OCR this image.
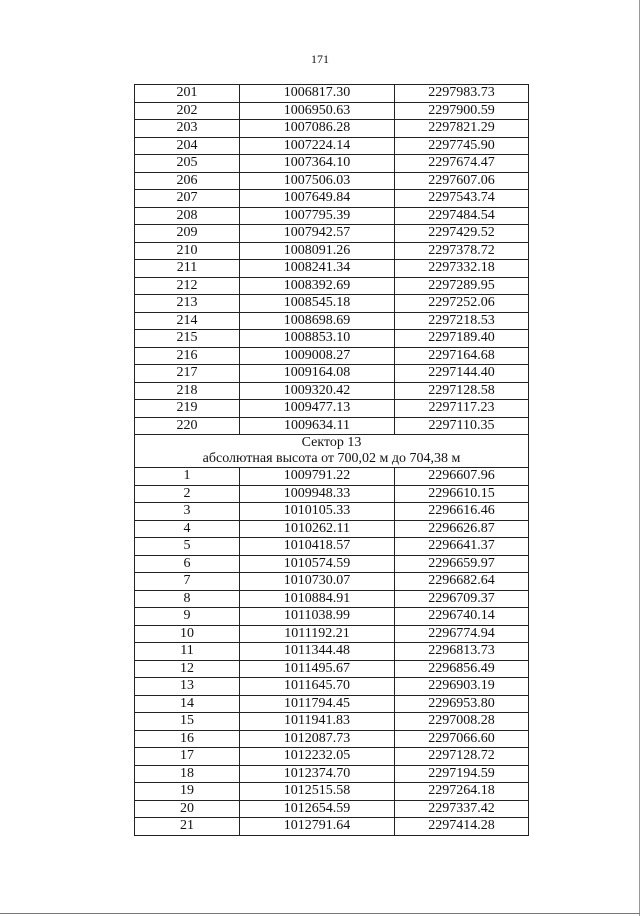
171
201	1006817.30	2297983.73
202	1006950.63	2297900.59
203	1007086.28	2297821.29
204	1007224.14	2297745.90
205	1007364.10	2297674.47
206	1007506.03	2297607.06
207	1007649.84	2297543.74
208	1007795.39	2297484.54
209	1007942.57	2297429.52
210	1008091.26	2297378.72
211	1008241.34	2297332.18
212	1008392.69	2297289.95
213	1008545.18	2297252.06
214	1008698.69	2297218.53
215	1008853.10	2297189.40
216	1009008.27	2297164.68
217	1009164.08	2297144.40
218	1009320.42	2297128.58
219	1009477.13	2297117.23
220	1009634.11	2297110.35

Сектор 13
абсолютная высота от 700,02 м до 704,38 м		

1	1009791.22	2296607.96
2	1009948.33	2296610.15
3	1010105.33	2296616.46
4	1010262.11	2296626.87
5	1010418.57	2296641.37
6	1010574.59	2296659.97
7	1010730.07	2296682.64
8	1010884.91	2296709.37
9	1011038.99	2296740.14
10	1011192.21	2296774.94
11	1011344.48	2296813.73
12	1011495.67	2296856.49
13	1011645.70	2296903.19
14	1011794.45	2296953.80
15	1011941.83	2297008.28
16	1012087.73	2297066.60
17	1012232.05	2297128.72
18	1012374.70	2297194.59
19	1012515.58	2297264.18
20	1012654.59	2297337.42
21	1012791.64	2297414.28
